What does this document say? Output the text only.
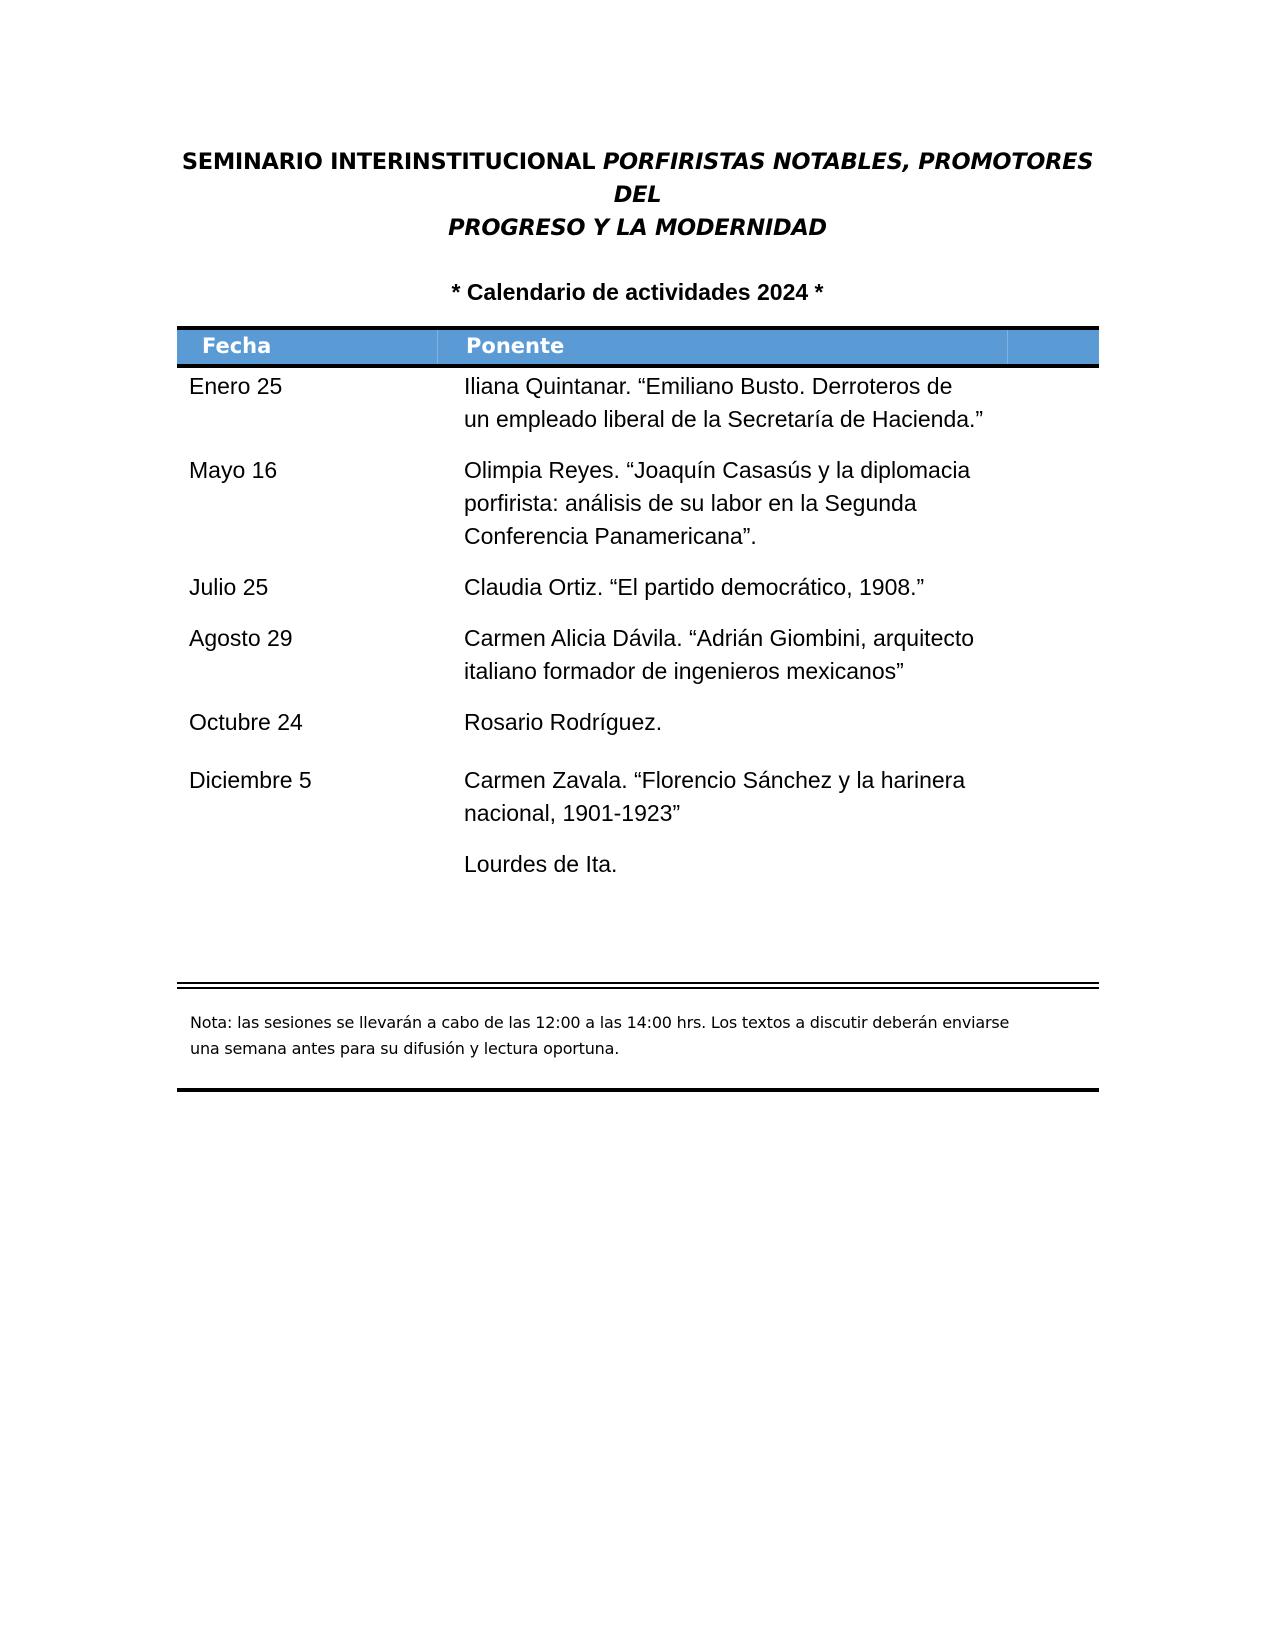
SEMINARIO INTERINSTITUCIONAL PORFIRISTAS NOTABLES, PROMOTORES DEL
PROGRESO Y LA MODERNIDAD
* Calendario de actividades 2024 *
Fecha	Ponente
Enero 25	Iliana Quintanar. “Emiliano Busto. Derroteros de un empleado liberal de la Secretaría de Hacienda.”
Mayo 16	Olimpia Reyes. “Joaquín Casasús y la diplomacia porfirista: análisis de su labor en la Segunda Conferencia Panamericana”.
Julio 25	Claudia Ortiz. “El partido democrático, 1908.”
Agosto 29	Carmen Alicia Dávila. “Adrián Giombini, arquitecto italiano formador de ingenieros mexicanos”
Octubre 24	Rosario Rodríguez.
Diciembre 5	Carmen Zavala. “Florencio Sánchez y la harinera nacional, 1901-1923”
Lourdes de Ita.
Nota: las sesiones se llevarán a cabo de las 12:00 a las 14:00 hrs. Los textos a discutir deberán enviarse una semana antes para su difusión y lectura oportuna.
